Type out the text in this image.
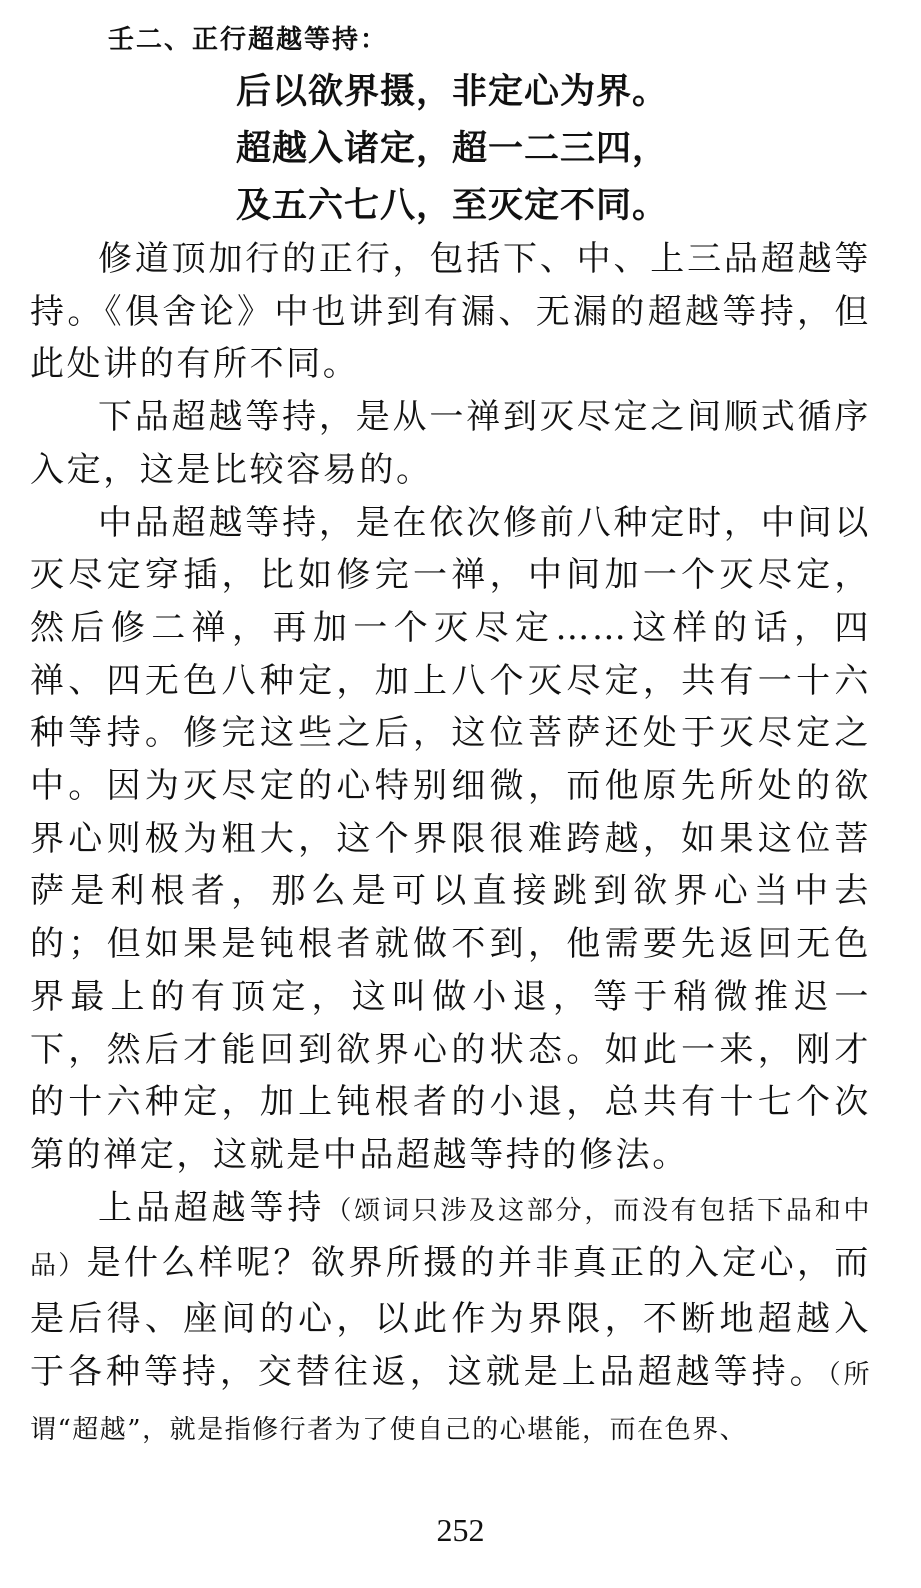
壬二、正行超越等持：
后以欲界摄，非定心为界。
超越入诸定，超一二三四，
及五六七八，至灭定不同。

修道顶加行的正行，包括下、中、上三品超越等持。《俱舍论》中也讲到有漏、无漏的超越等持，但此处讲的有所不同。

下品超越等持，是从一禅到灭尽定之间顺式循序入定，这是比较容易的。

中品超越等持，是在依次修前八种定时，中间以灭尽定穿插，比如修完一禅，中间加一个灭尽定，然后修二禅，再加一个灭尽定……这样的话，四禅、四无色八种定，加上八个灭尽定，共有一十六种等持。修完这些之后，这位菩萨还处于灭尽定之中。因为灭尽定的心特别细微，而他原先所处的欲界心则极为粗大，这个界限很难跨越，如果这位菩萨是利根者，那么是可以直接跳到欲界心当中去的；但如果是钝根者就做不到，他需要先返回无色界最上的有顶定，这叫做小退，等于稍微推迟一下，然后才能回到欲界心的状态。如此一来，刚才的十六种定，加上钝根者的小退，总共有十七个次第的禅定，这就是中品超越等持的修法。

上品超越等持（颂词只涉及这部分，而没有包括下品和中品）是什么样呢？欲界所摄的并非真正的入定心，而是后得、座间的心，以此作为界限，不断地超越入于各种等持，交替往返，这就是上品超越等持。（所谓“超越”，就是指修行者为了使自己的心堪能，而在色界、

252
